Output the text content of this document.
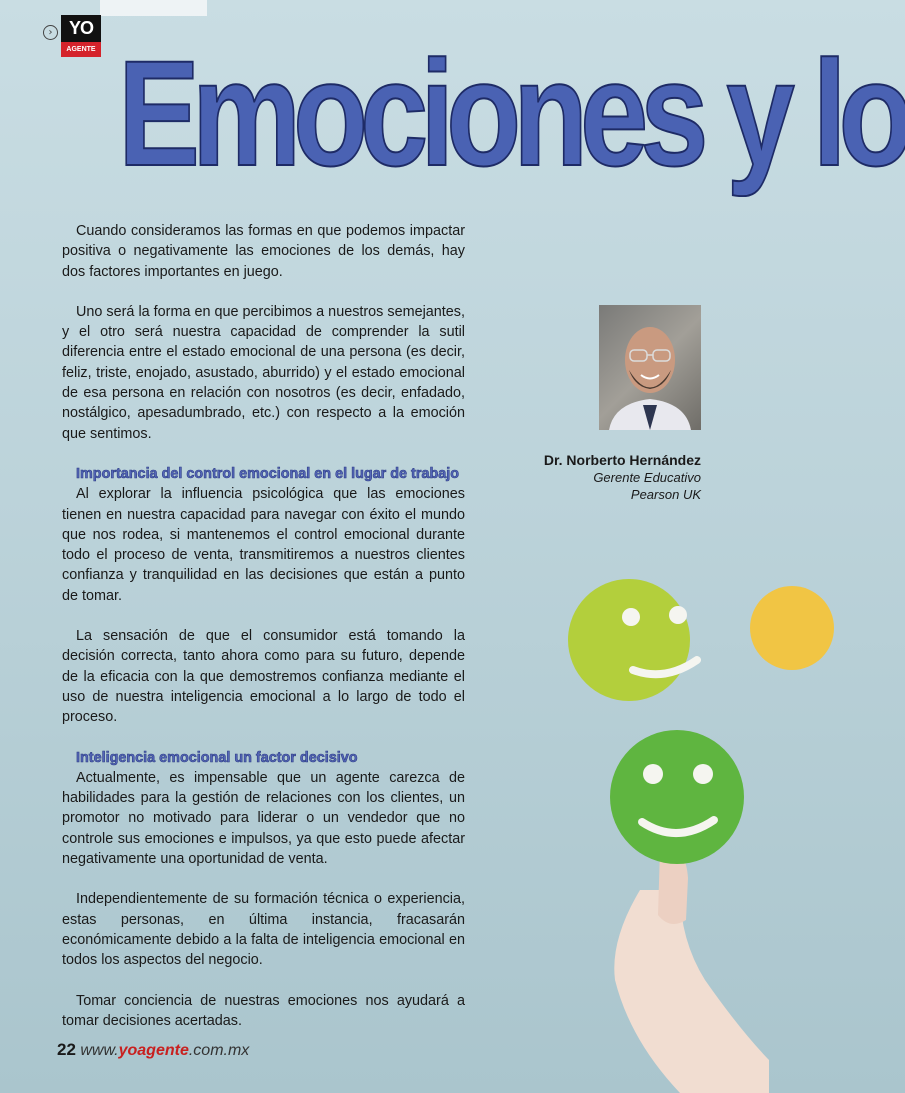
› YO
AGENTE Emociones y lo

Cuando consideramos las formas en que podemos impactar positiva o negativamente las emociones de los demás, hay dos factores importantes en juego.

Uno será la forma en que percibimos a nuestros semejantes, y el otro será nuestra capacidad de comprender la sutil diferencia entre el estado emocional de una persona (es decir, feliz, triste, enojado, asustado, aburrido) y el estado emocional de esa persona en relación con nosotros (es decir, enfadado, nostálgico, apesadumbrado, etc.) con respecto a la emoción que sentimos.

Importancia del control emocional en el lugar de trabajo

Al explorar la influencia psicológica que las emociones tienen en nuestra capacidad para navegar con éxito el mundo que nos rodea, si mantenemos el control emocional durante todo el proceso de venta, transmitiremos a nuestros clientes confianza y tranquilidad en las decisiones que están a punto de tomar.

La sensación de que el consumidor está tomando la decisión correcta, tanto ahora como para su futuro, depende de la eficacia con la que demostremos confianza mediante el uso de nuestra inteligencia emocional a lo largo de todo el proceso.

Inteligencia emocional un factor decisivo

Actualmente, es impensable que un agente carezca de habilidades para la gestión de relaciones con los clientes, un promotor no motivado para liderar o un vendedor que no controle sus emociones e impulsos, ya que esto puede afectar negativamente una oportunidad de venta.

Independientemente de su formación técnica o experiencia, estas personas, en última instancia, fracasarán económicamente debido a la falta de inteligencia emocional en todos los aspectos del negocio.

Tomar conciencia de nuestras emociones nos ayudará a tomar decisiones acertadas.

Dr. Norberto Hernández
Gerente Educativo
Pearson UK
22 www.yoagente.com.mx
